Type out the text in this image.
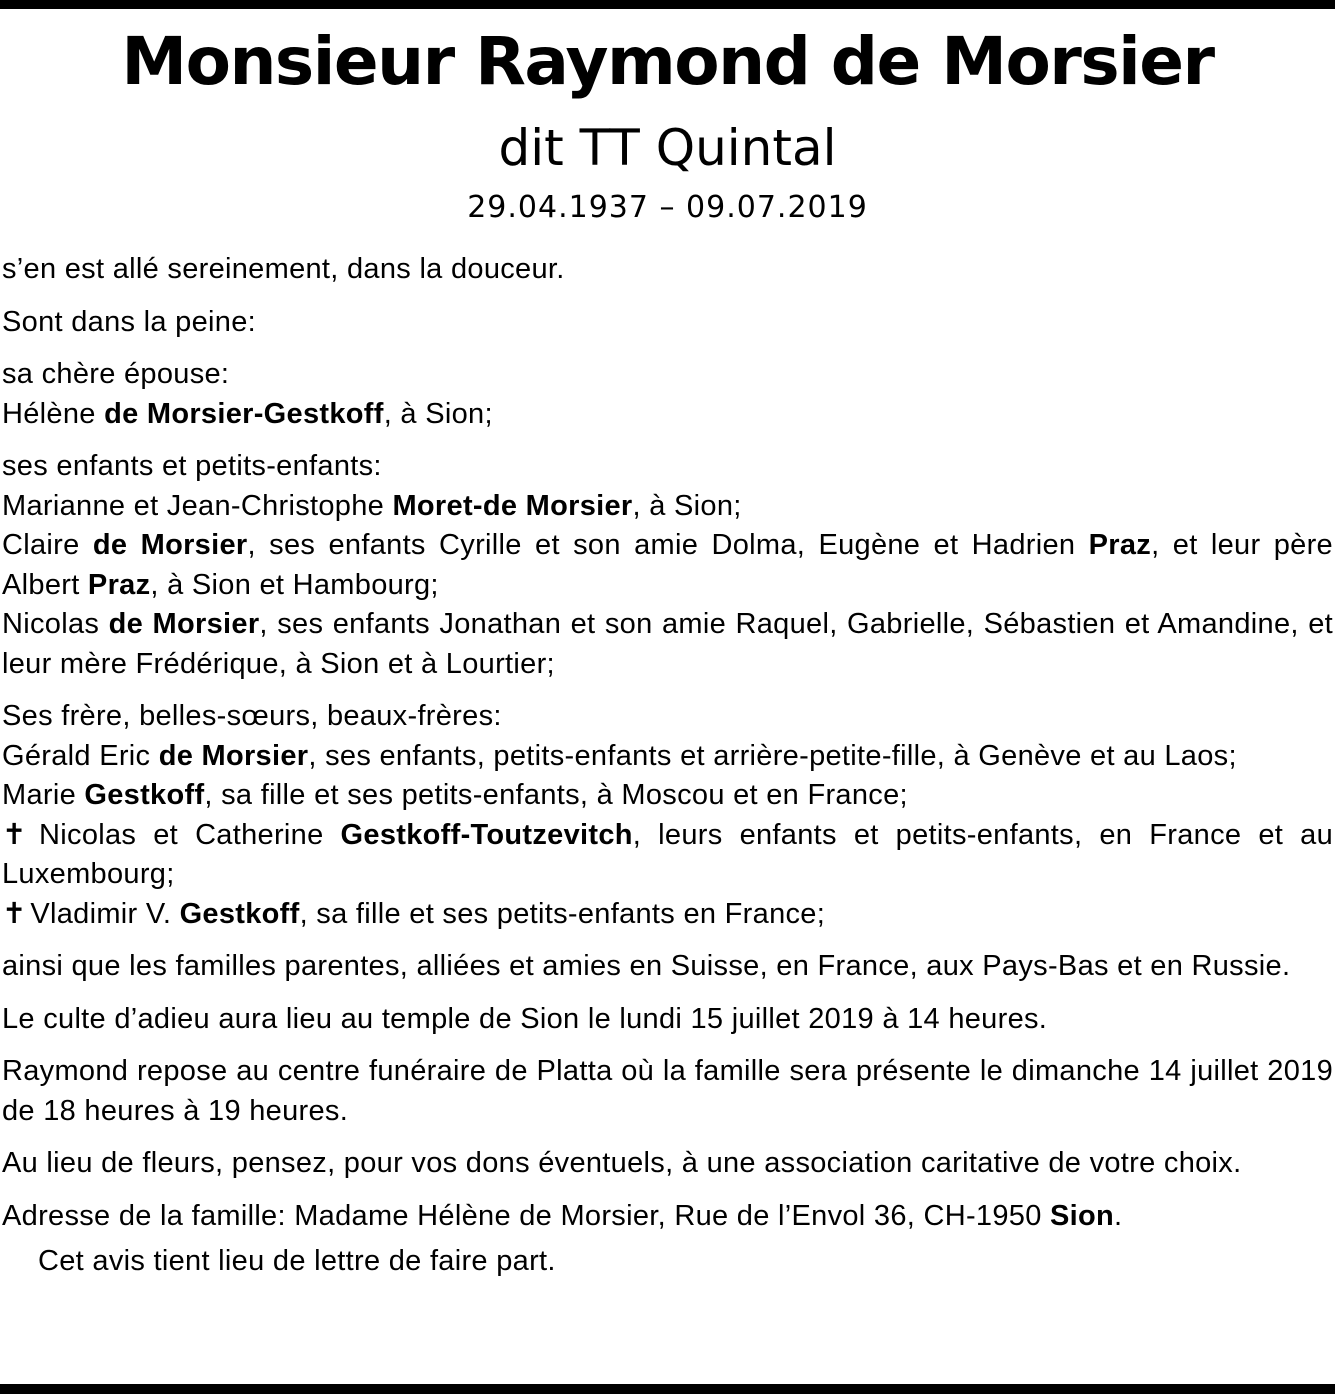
Monsieur Raymond de Morsier
dit TT Quintal
29.04.1937 – 09.07.2019

s’en est allé sereinement, dans la douceur.

Sont dans la peine:

sa chère épouse:
Hélène de Morsier-Gestkoff, à Sion;

ses enfants et petits-enfants:

Marianne et Jean-Christophe Moret-de Morsier, à Sion;

Claire de Morsier, ses enfants Cyrille et son amie Dolma, Eugène et Hadrien Praz, et leur père Albert Praz, à Sion et Hambourg;

Nicolas de Morsier, ses enfants Jonathan et son amie Raquel, Gabrielle, Sébastien et Amandine, et leur mère Frédérique, à Sion et à Lourtier;

Ses frère, belles-sœurs, beaux-frères:

Gérald Eric de Morsier, ses enfants, petits-enfants et arrière-petite-fille, à Genève et au Laos;

Marie Gestkoff, sa fille et ses petits-enfants, à Moscou et en France;

✝ Nicolas et Catherine Gestkoff-Toutzevitch, leurs enfants et petits-enfants, en France et au Luxembourg;

✝ Vladimir V. Gestkoff, sa fille et ses petits-enfants en France;

ainsi que les familles parentes, alliées et amies en Suisse, en France, aux Pays-Bas et en Russie.

Le culte d’adieu aura lieu au temple de Sion le lundi 15 juillet 2019 à 14 heures.

Raymond repose au centre funéraire de Platta où la famille sera présente le dimanche 14 juillet 2019 de 18 heures à 19 heures.

Au lieu de fleurs, pensez, pour vos dons éventuels, à une association caritative de votre choix.

Adresse de la famille: Madame Hélène de Morsier, Rue de l’Envol 36, CH-1950 Sion.

Cet avis tient lieu de lettre de faire part.
